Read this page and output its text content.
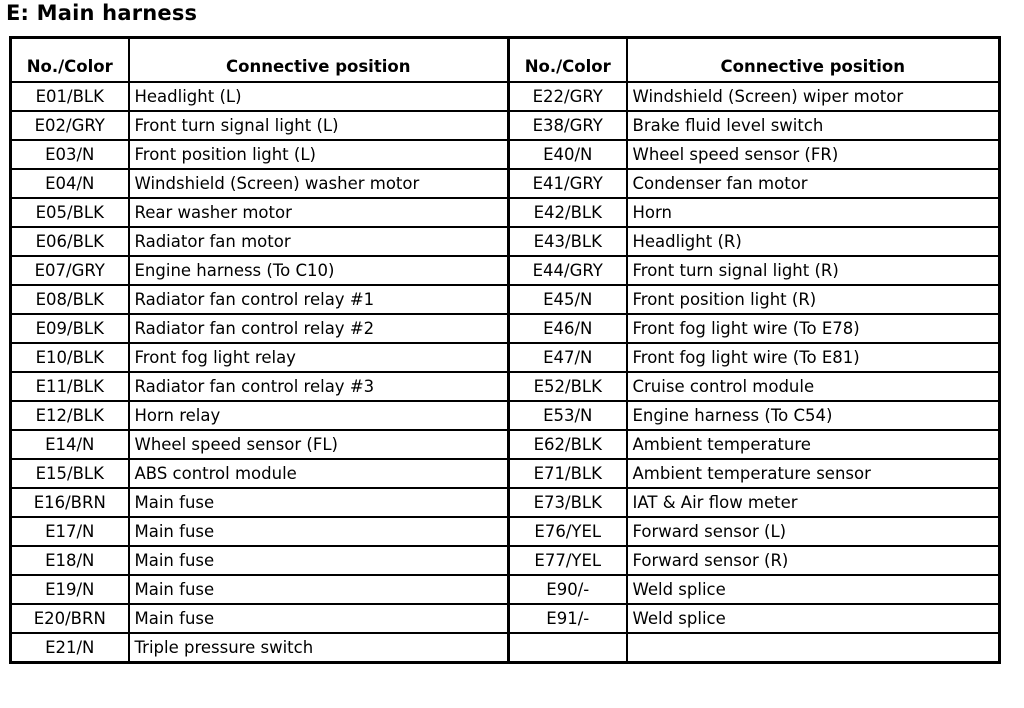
E: Main harness
No./Color	Connective position	No./Color	Connective position
E01/BLK	Headlight (L)	E22/GRY	Windshield (Screen) wiper motor
E02/GRY	Front turn signal light (L)	E38/GRY	Brake fluid level switch
E03/N	Front position light (L)	E40/N	Wheel speed sensor (FR)
E04/N	Windshield (Screen) washer motor	E41/GRY	Condenser fan motor
E05/BLK	Rear washer motor	E42/BLK	Horn
E06/BLK	Radiator fan motor	E43/BLK	Headlight (R)
E07/GRY	Engine harness (To C10)	E44/GRY	Front turn signal light (R)
E08/BLK	Radiator fan control relay #1	E45/N	Front position light (R)
E09/BLK	Radiator fan control relay #2	E46/N	Front fog light wire (To E78)
E10/BLK	Front fog light relay	E47/N	Front fog light wire (To E81)
E11/BLK	Radiator fan control relay #3	E52/BLK	Cruise control module
E12/BLK	Horn relay	E53/N	Engine harness (To C54)
E14/N	Wheel speed sensor (FL)	E62/BLK	Ambient temperature
E15/BLK	ABS control module	E71/BLK	Ambient temperature sensor
E16/BRN	Main fuse	E73/BLK	IAT & Air flow meter
E17/N	Main fuse	E76/YEL	Forward sensor (L)
E18/N	Main fuse	E77/YEL	Forward sensor (R)
E19/N	Main fuse	E90/-	Weld splice
E20/BRN	Main fuse	E91/-	Weld splice
E21/N	Triple pressure switch		
